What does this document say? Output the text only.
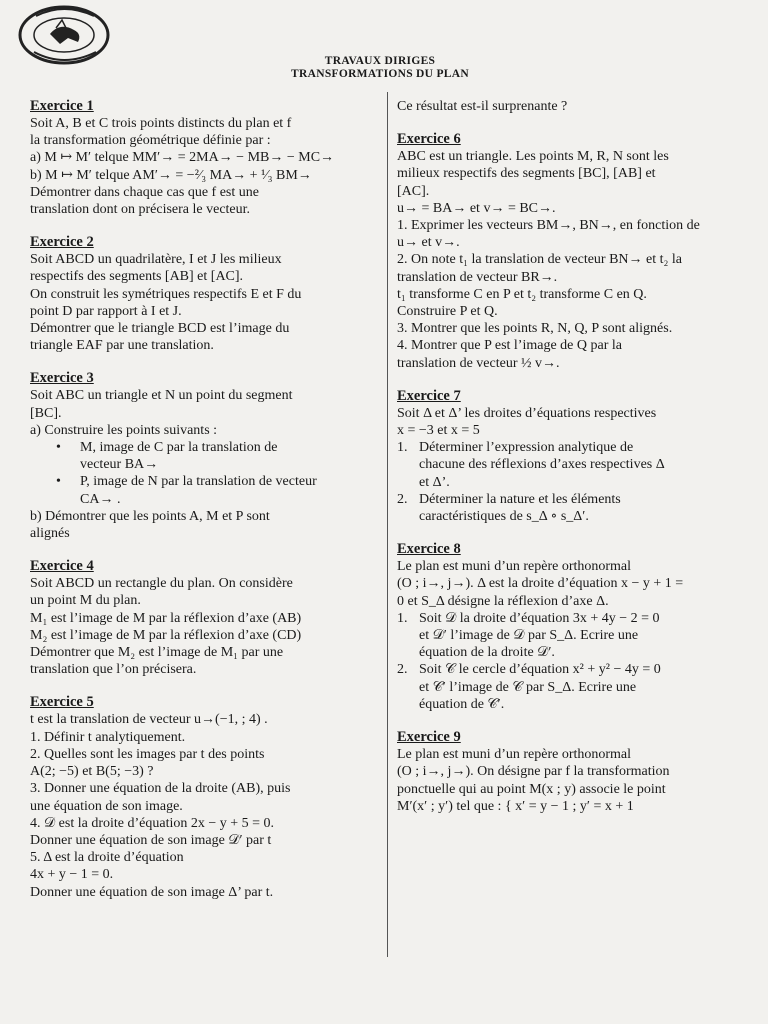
TRAVAUX DIRIGES
TRANSFORMATIONS DU PLAN
Exercice 1
Soit A, B et C trois points distincts du plan et f
la transformation géométrique définie par :
a) M ↦ M′ telque MM′→ = 2MA→ − MB→ − MC→
b) M ↦ M′ telque AM′→ = −²⁄₃ MA→ + ¹⁄₃ BM→
Démontrer dans chaque cas que f est une
translation dont on précisera le vecteur.
Exercice 2
Soit ABCD un quadrilatère, I et J les milieux
respectifs des segments [AB] et [AC].
On construit les symétriques respectifs E et F du
point D par rapport à I et J.
Démontrer que le triangle BCD est l’image du
triangle EAF par une translation.
Exercice 3
Soit ABC un triangle et N un point du segment
[BC].
a) Construire les points suivants :
• M, image de C par la translation de
vecteur BA→
• P, image de N par la translation de vecteur
CA→ .
b) Démontrer que les points A, M et P sont
alignés
Exercice 4
Soit ABCD un rectangle du plan. On considère
un point M du plan.
M₁ est l’image de M par la réflexion d’axe (AB)
M₂ est l’image de M par la réflexion d’axe (CD)
Démontrer que M₂ est l’image de M₁ par une
translation que l’on précisera.
Exercice 5
t est la translation de vecteur u→(−1, ; 4) .
1. Définir t analytiquement.
2. Quelles sont les images par t des points
A(2; −5) et B(5; −3) ?
3. Donner une équation de la droite (AB), puis
une équation de son image.
4. 𝒟 est la droite d’équation 2x − y + 5 = 0.
Donner une équation de son image 𝒟′ par t
5. Δ est la droite d’équation
4x + y − 1 = 0.
Donner une équation de son image Δ’ par t.
Ce résultat est-il surprenante ?
Exercice 6
ABC est un triangle. Les points M, R, N sont les
milieux respectifs des segments [BC], [AB] et
[AC].
u→ = BA→ et v→ = BC→.
1. Exprimer les vecteurs BM→, BN→, en fonction de
u→ et v→.
2. On note t₁ la translation de vecteur BN→ et t₂ la
translation de vecteur BR→.
t₁ transforme C en P et t₂ transforme C en Q.
Construire P et Q.
3. Montrer que les points R, N, Q, P sont alignés.
4. Montrer que P est l’image de Q par la
translation de vecteur ½ v→.
Exercice 7
Soit Δ et Δ’ les droites d’équations respectives
x = −3 et x = 5
1. Déterminer l’expression analytique de
chacune des réflexions d’axes respectives Δ
et Δ’.
2. Déterminer la nature et les éléments
caractéristiques de s_Δ ∘ s_Δ′.
Exercice 8
Le plan est muni d’un repère orthonormal
(O ; i→, j→). Δ est la droite d’équation x − y + 1 =
0 et S_Δ désigne la réflexion d’axe Δ.
1. Soit 𝒟 la droite d’équation 3x + 4y − 2 = 0
et 𝒟′ l’image de 𝒟 par S_Δ. Ecrire une
équation de la droite 𝒟′.
2. Soit 𝒞 le cercle d’équation x² + y² − 4y = 0
et 𝒞′ l’image de 𝒞 par S_Δ. Ecrire une
équation de 𝒞′.
Exercice 9
Le plan est muni d’un repère orthonormal
(O ; i→, j→). On désigne par f la transformation
ponctuelle qui au point M(x ; y) associe le point
M′(x′ ; y′) tel que : { x′ = y − 1 ; y′ = x + 1
